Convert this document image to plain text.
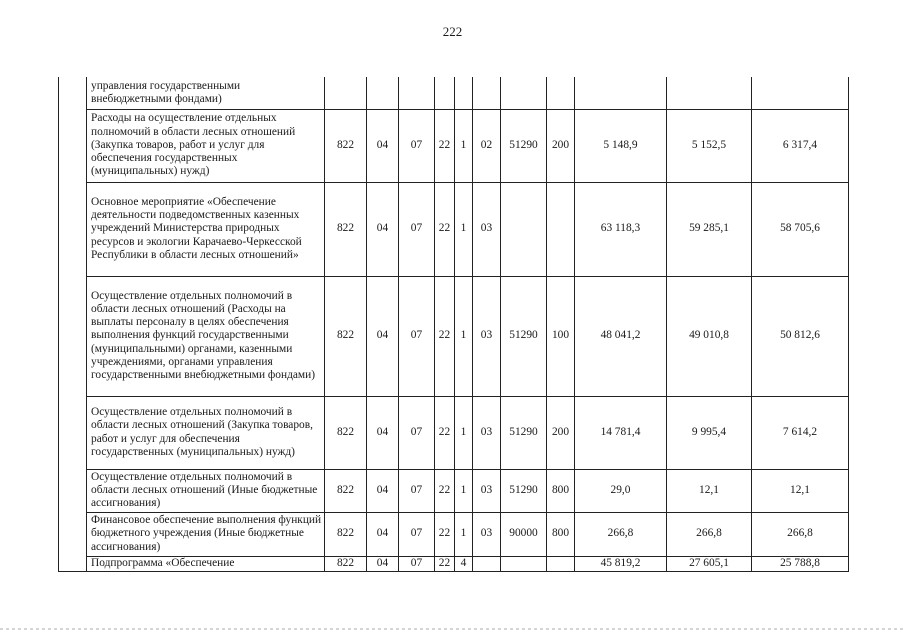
222
	управления государственными внебюджетными фондами)											
	Расходы на осуществление отдельных полномочий в области лесных отношений (Закупка товаров, работ и услуг для обеспечения государственных (муниципальных) нужд)	822	04	07	22	1	02	51290	200	5 148,9	5 152,5	6 317,4
	Основное мероприятие «Обеспечение деятельности подведомственных казенных учреждений Министерства природных ресурсов и экологии Карачаево-Черкесской Республики в области лесных отношений»	822	04	07	22	1	03			63 118,3	59 285,1	58 705,6
	Осуществление отдельных полномочий в области лесных отношений (Расходы на выплаты персоналу в целях обеспечения выполнения функций государственными (муниципальными) органами, казенными учреждениями, органами управления государственными внебюджетными фондами)	822	04	07	22	1	03	51290	100	48 041,2	49 010,8	50 812,6
	Осуществление отдельных полномочий в области лесных отношений (Закупка товаров, работ и услуг для обеспечения государственных (муниципальных) нужд)	822	04	07	22	1	03	51290	200	14 781,4	9 995,4	7 614,2
	Осуществление отдельных полномочий в области лесных отношений (Иные бюджетные ассигнования)	822	04	07	22	1	03	51290	800	29,0	12,1	12,1
	Финансовое обеспечение выполнения функций бюджетного учреждения (Иные бюджетные ассигнования)	822	04	07	22	1	03	90000	800	266,8	266,8	266,8
	Подпрограмма «Обеспечение	822	04	07	22	4				45 819,2	27 605,1	25 788,8
